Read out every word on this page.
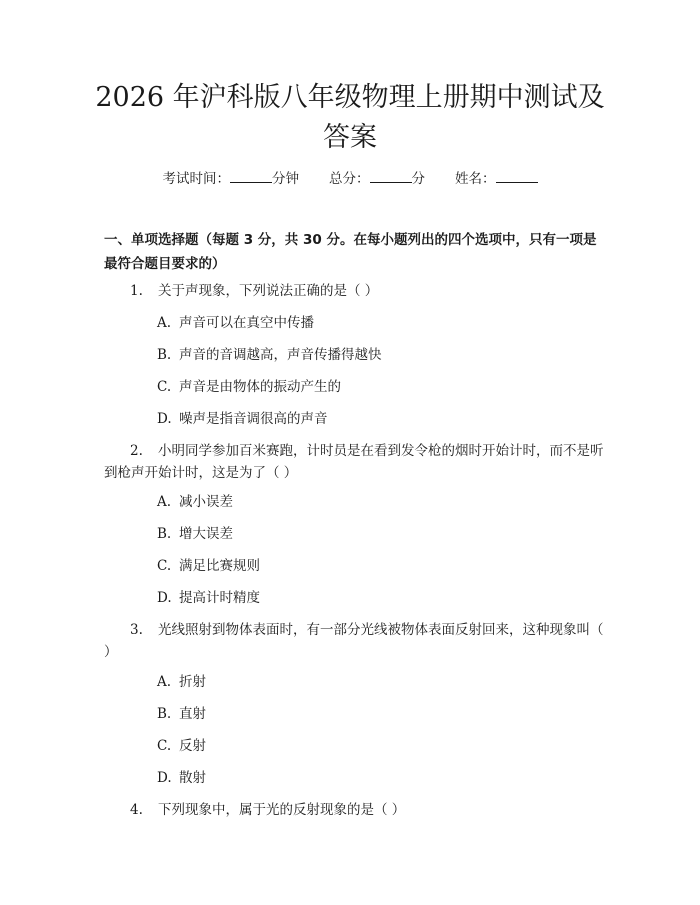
2026 年沪科版八年级物理上册期中测试及答案
考试时间：	分钟 总分：	分 姓名：

一、单项选择题（每题 3 分，共 30 分。在每小题列出的四个选项中，只有一项是最符合题目要求的）

1. 关于声现象，下列说法正确的是（ ）
A. 声音可以在真空中传播
B. 声音的音调越高，声音传播得越快
C. 声音是由物体的振动产生的
D. 噪声是指音调很高的声音
2. 小明同学参加百米赛跑，计时员是在看到发令枪的烟时开始计时，而不是听到枪声开始计时，这是为了（ ）
A. 减小误差
B. 增大误差
C. 满足比赛规则
D. 提高计时精度
3. 光线照射到物体表面时，有一部分光线被物体表面反射回来，这种现象叫（ ）
A. 折射
B. 直射
C. 反射
D. 散射
4. 下列现象中，属于光的反射现象的是（ ）
